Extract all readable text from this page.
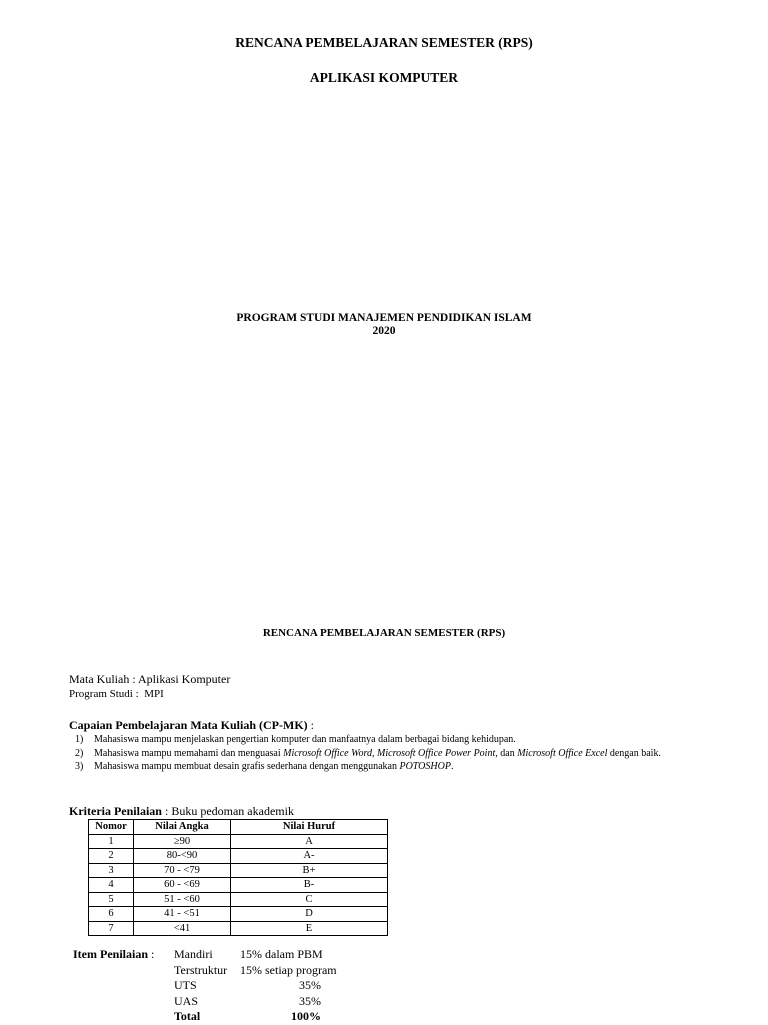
RENCANA PEMBELAJARAN SEMESTER (RPS)
APLIKASI KOMPUTER
PROGRAM STUDI MANAJEMEN PENDIDIKAN ISLAM
2020
RENCANA PEMBELAJARAN SEMESTER (RPS)
Mata Kuliah : Aplikasi Komputer
Program Studi :  MPI
Capaian Pembelajaran Mata Kuliah (CP-MK) :
1)	Mahasiswa mampu menjelaskan pengertian komputer dan manfaatnya dalam berbagai bidang kehidupan.
2)	Mahasiswa mampu memahami dan menguasai Microsoft Office Word, Microsoft Office Power Point, dan Microsoft Office Excel dengan baik.
3)	Mahasiswa mampu membuat desain grafis sederhana dengan menggunakan POTOSHOP.
Kriteria Penilaian : Buku pedoman akademik
Nomor	Nilai Angka	Nilai Huruf
1	≥90	A
2	80-<90	A-
3	70 - <79	B+
4	60 - <69	B-
5	51 - <60	C
6	41 - <51	D
7	<41	E
Item Penilaian : Mandiri	15% dalam PBM
Terstruktur	15% setiap program
UTS	35%
UAS	35%
Total	100%
